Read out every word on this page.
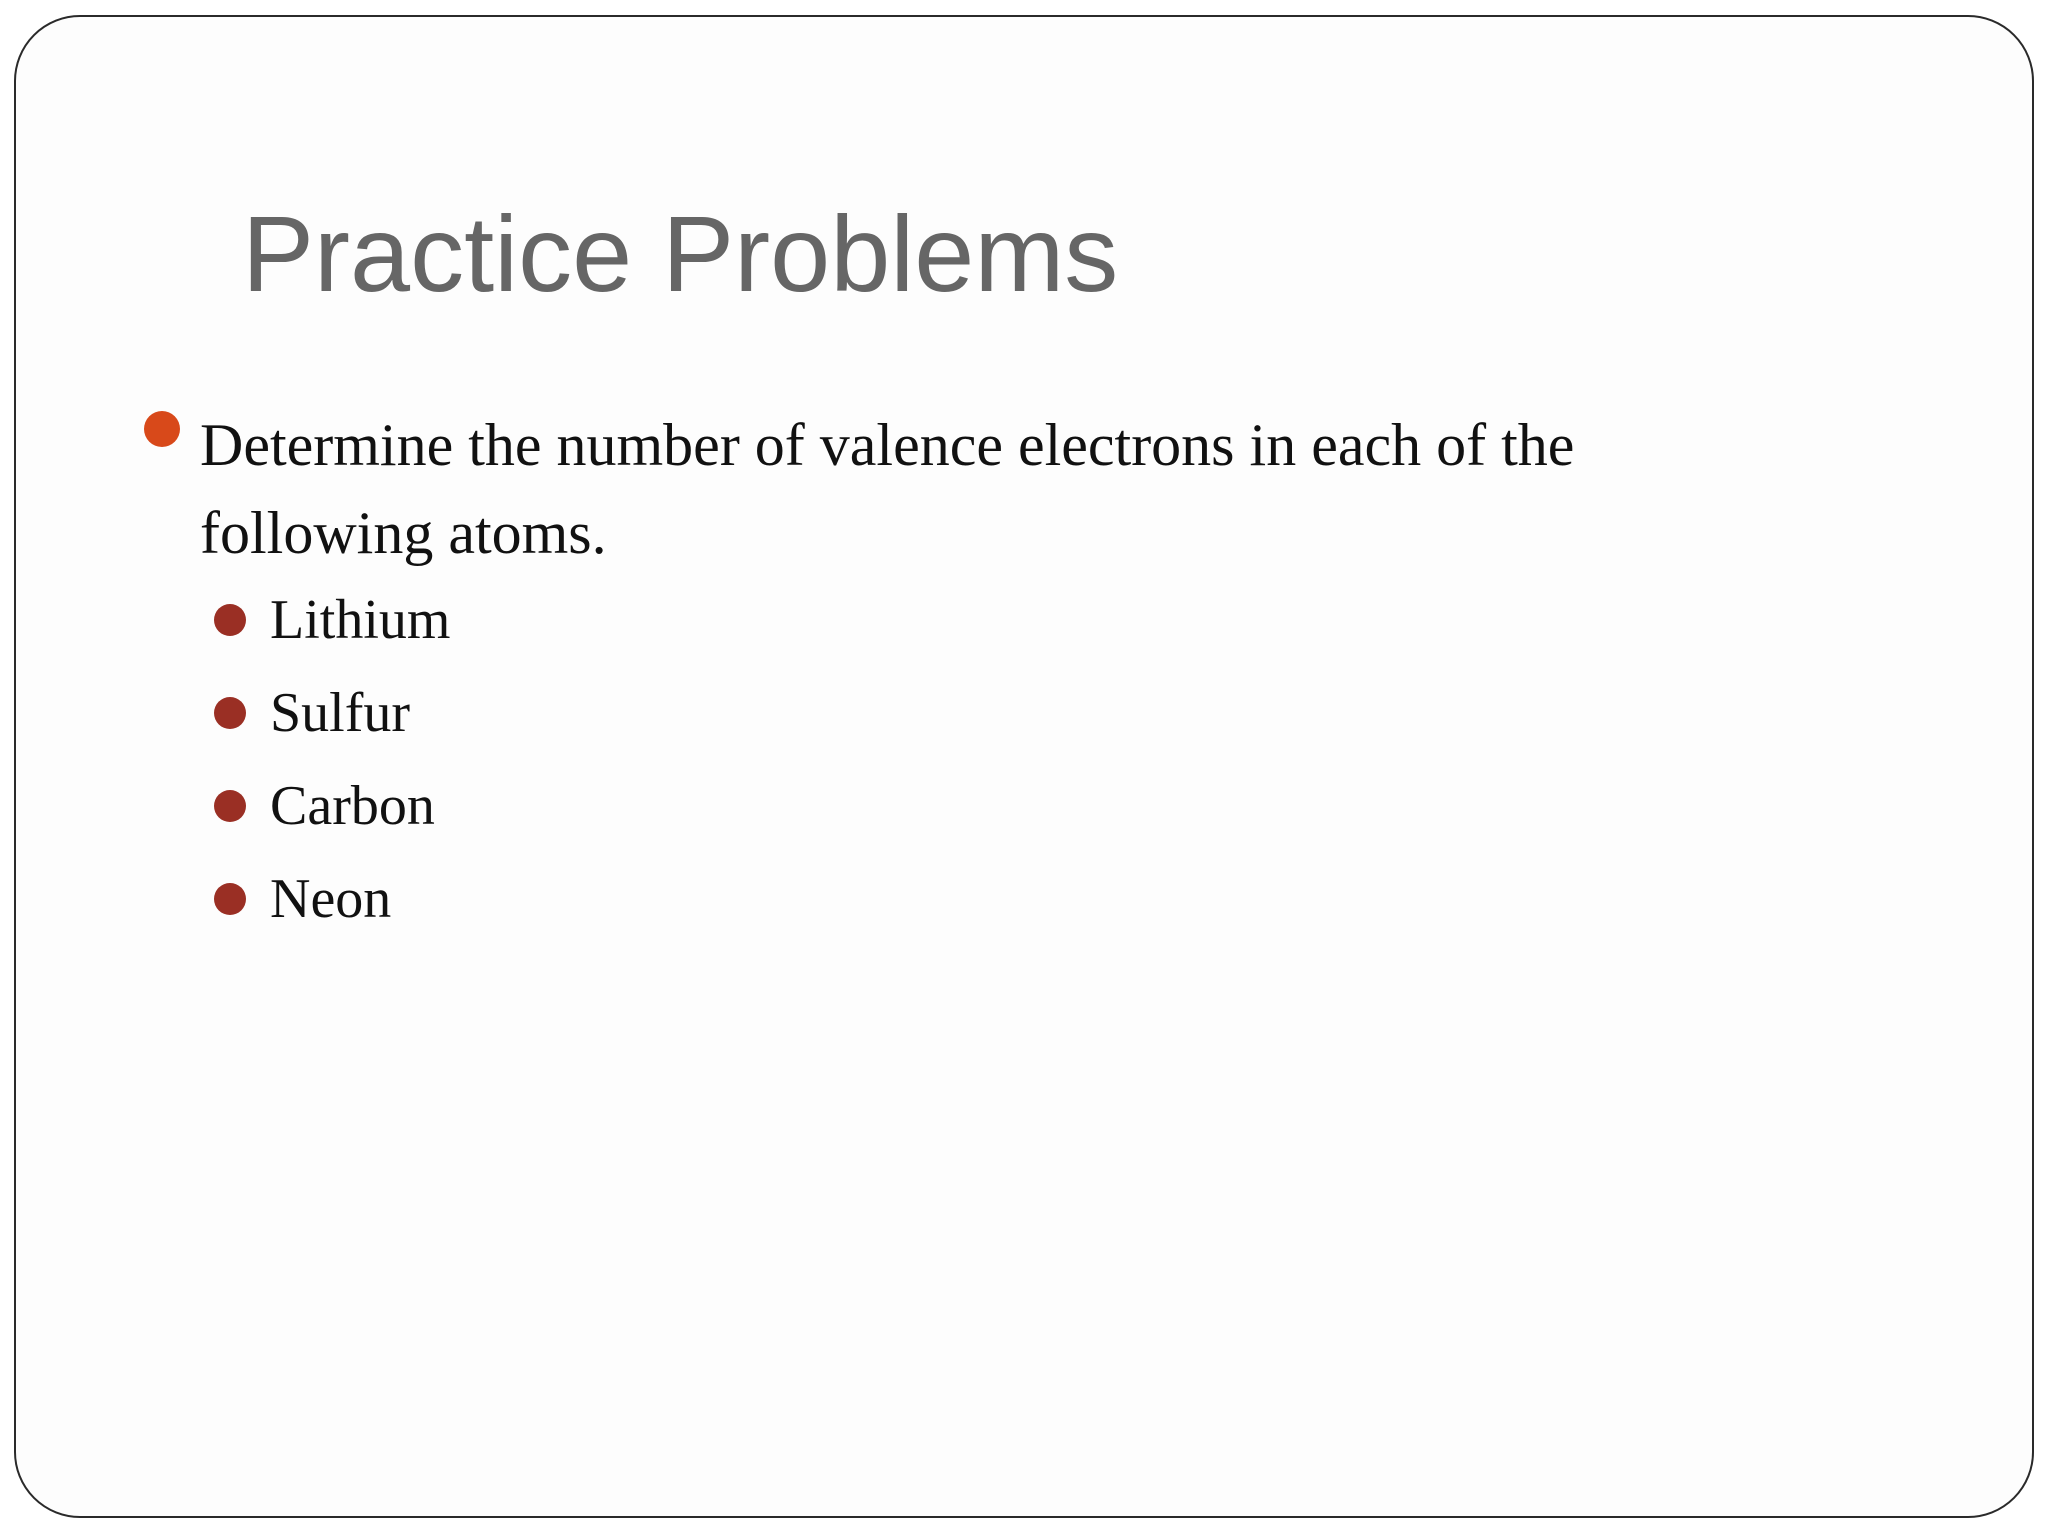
Practice Problems

Determine the number of valence electrons in each of the following atoms.

Lithium
Sulfur
Carbon
Neon
